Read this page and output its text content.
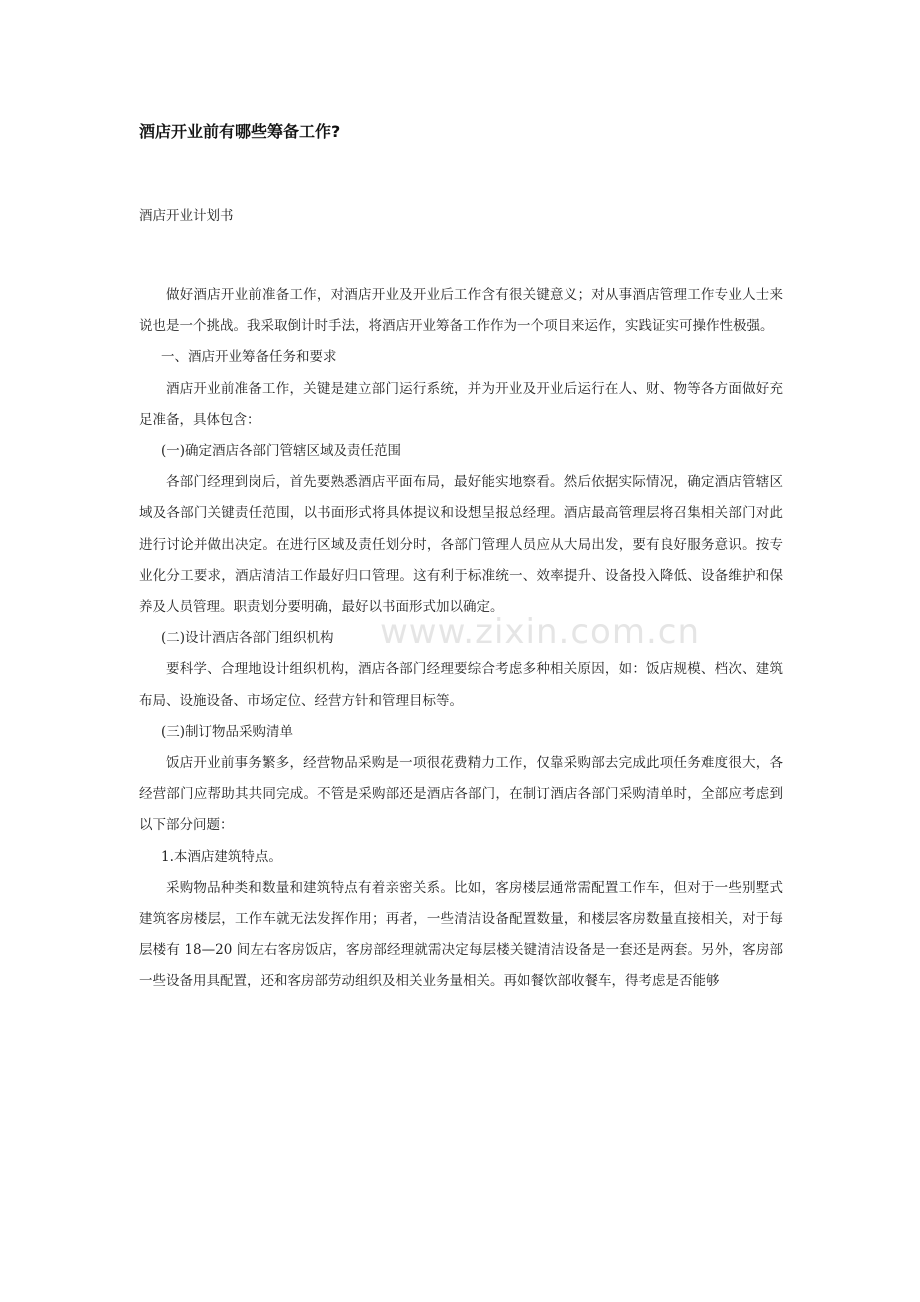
酒店开业前有哪些筹备工作?
酒店开业计划书

做好酒店开业前准备工作，对酒店开业及开业后工作含有很关键意义；对从事酒店管理工作专业人士来说也是一个挑战。我采取倒计时手法，将酒店开业筹备工作作为一个项目来运作，实践证实可操作性极强。

一、酒店开业筹备任务和要求

酒店开业前准备工作，关键是建立部门运行系统，并为开业及开业后运行在人、财、物等各方面做好充足准备，具体包含：

(一)确定酒店各部门管辖区域及责任范围

各部门经理到岗后，首先要熟悉酒店平面布局，最好能实地察看。然后依据实际情况，确定酒店管辖区域及各部门关键责任范围，以书面形式将具体提议和设想呈报总经理。酒店最高管理层将召集相关部门对此进行讨论并做出决定。在进行区域及责任划分时，各部门管理人员应从大局出发，要有良好服务意识。按专业化分工要求，酒店清洁工作最好归口管理。这有利于标准统一、效率提升、设备投入降低、设备维护和保养及人员管理。职责划分要明确，最好以书面形式加以确定。

(二)设计酒店各部门组织机构

要科学、合理地设计组织机构，酒店各部门经理要综合考虑多种相关原因，如：饭店规模、档次、建筑布局、设施设备、市场定位、经营方针和管理目标等。

(三)制订物品采购清单

饭店开业前事务繁多，经营物品采购是一项很花费精力工作，仅靠采购部去完成此项任务难度很大，各经营部门应帮助其共同完成。不管是采购部还是酒店各部门，在制订酒店各部门采购清单时，全部应考虑到以下部分问题：

1.本酒店建筑特点。

采购物品种类和数量和建筑特点有着亲密关系。比如，客房楼层通常需配置工作车，但对于一些别墅式建筑客房楼层，工作车就无法发挥作用；再者，一些清洁设备配置数量，和楼层客房数量直接相关，对于每层楼有 18—20 间左右客房饭店，客房部经理就需决定每层楼关键清洁设备是一套还是两套。另外，客房部一些设备用具配置，还和客房部劳动组织及相关业务量相关。再如餐饮部收餐车，得考虑是否能够

www.zixin.com.cn
